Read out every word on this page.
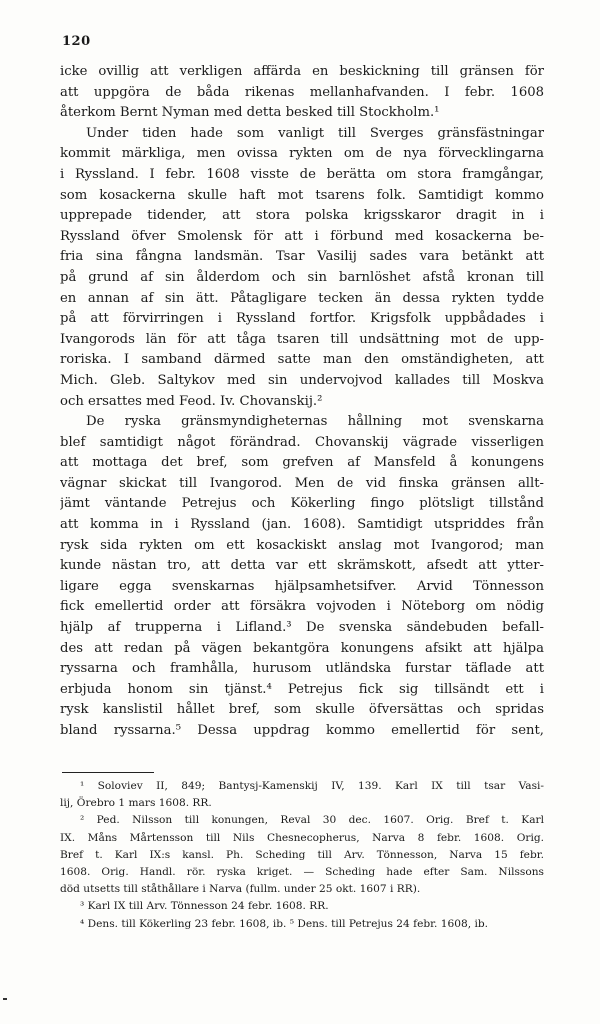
120
icke ovillig att verkligen affärda en beskickning till gränsen för
att uppgöra de båda rikenas mellanhafvanden. I febr. 1608
återkom Bernt Nyman med detta besked till Stockholm.¹
Under tiden hade som vanligt till Sverges gränsfästningar
kommit märkliga, men ovissa rykten om de nya förvecklingarna
i Ryssland. I febr. 1608 visste de berätta om stora framgångar,
som kosackerna skulle haft mot tsarens folk. Samtidigt kommo
upprepade tidender, att stora polska krigsskaror dragit in i
Ryssland öfver Smolensk för att i förbund med kosackerna be-
fria sina fångna landsmän. Tsar Vasilij sades vara betänkt att
på grund af sin ålderdom och sin barnlöshet afstå kronan till
en annan af sin ätt. Påtagligare tecken än dessa rykten tydde
på att förvirringen i Ryssland fortfor. Krigsfolk uppbådades i
Ivangorods län för att tåga tsaren till undsättning mot de upp-
roriska. I samband därmed satte man den omständigheten, att
Mich. Gleb. Saltykov med sin undervojvod kallades till Moskva
och ersattes med Feod. Iv. Chovanskij.²
De ryska gränsmyndigheternas hållning mot svenskarna
blef samtidigt något förändrad. Chovanskij vägrade visserligen
att mottaga det bref, som grefven af Mansfeld å konungens
vägnar skickat till Ivangorod. Men de vid finska gränsen allt-
jämt väntande Petrejus och Kökerling fingo plötsligt tillstånd
att komma in i Ryssland (jan. 1608). Samtidigt utspriddes från
rysk sida rykten om ett kosackiskt anslag mot Ivangorod; man
kunde nästan tro, att detta var ett skrämskott, afsedt att ytter-
ligare egga svenskarnas hjälpsamhetsifver. Arvid Tönnesson
fick emellertid order att försäkra vojvoden i Nöteborg om nödig
hjälp af trupperna i Lifland.³ De svenska sändebuden befall-
des att redan på vägen bekantgöra konungens afsikt att hjälpa
ryssarna och framhålla, hurusom utländska furstar täflade att
erbjuda honom sin tjänst.⁴ Petrejus fick sig tillsändt ett i
rysk kanslistil hållet bref, som skulle öfversättas och spridas
bland ryssarna.⁵ Dessa uppdrag kommo emellertid för sent,
¹ Soloviev II, 849; Bantysj-Kamenskij IV, 139. Karl IX till tsar Vasi-
lij, Örebro 1 mars 1608. RR.
² Ped. Nilsson till konungen, Reval 30 dec. 1607. Orig. Bref t. Karl
IX. Måns Mårtensson till Nils Chesnecopherus, Narva 8 febr. 1608. Orig.
Bref t. Karl IX:s kansl. Ph. Scheding till Arv. Tönnesson, Narva 15 febr.
1608. Orig. Handl. rör. ryska kriget. — Scheding hade efter Sam. Nilssons
död utsetts till ståthållare i Narva (fullm. under 25 okt. 1607 i RR).
³ Karl IX till Arv. Tönnesson 24 febr. 1608. RR.
⁴ Dens. till Kökerling 23 febr. 1608, ib. ⁵ Dens. till Petrejus 24 febr. 1608, ib.
